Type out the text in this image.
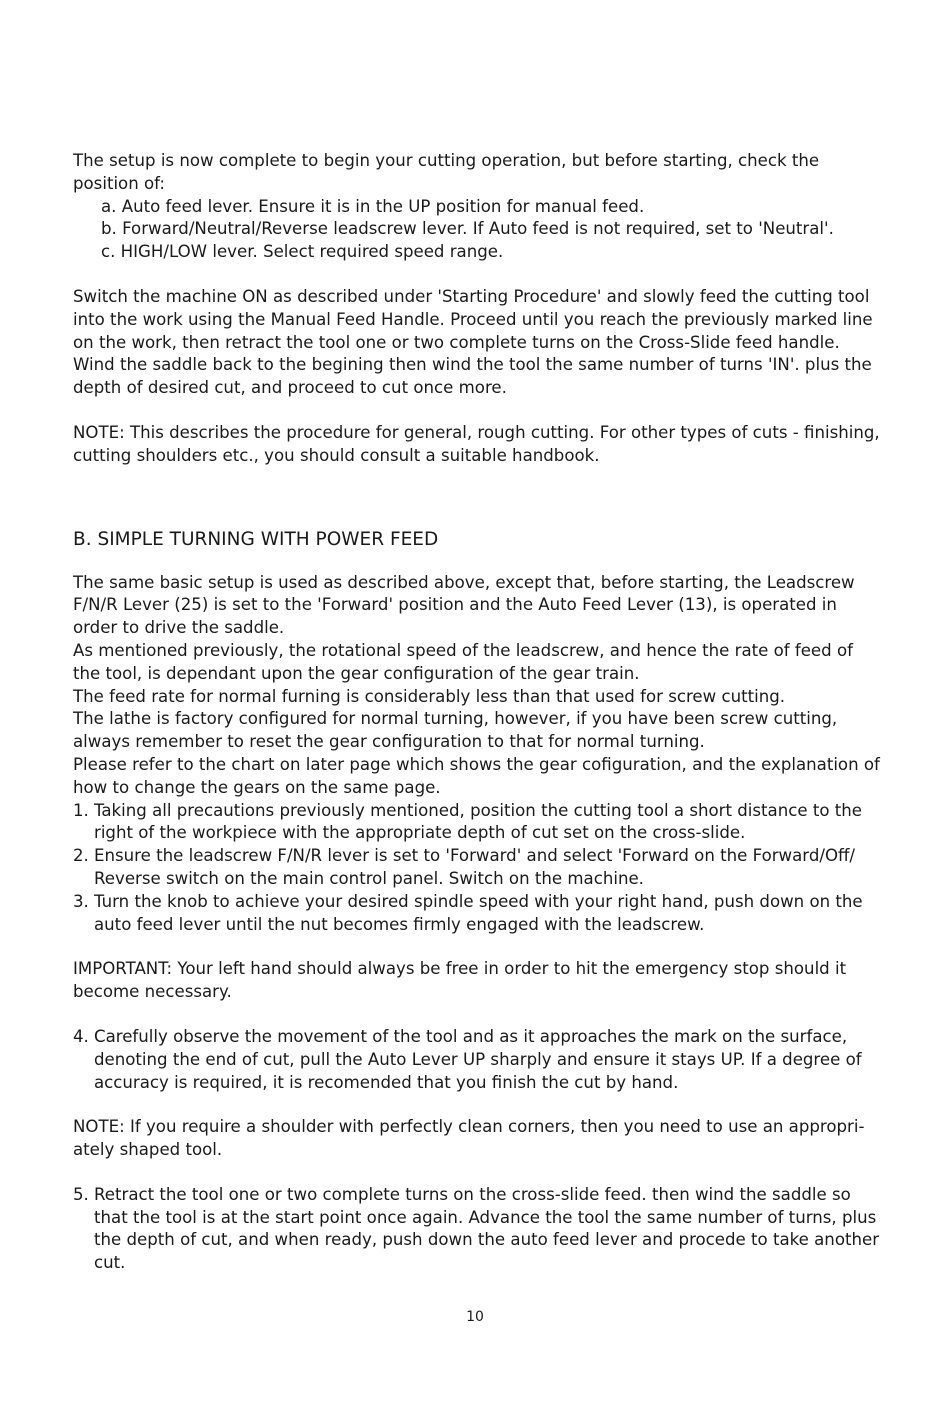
The setup is now complete to begin your cutting operation, but before starting, check the position of:

a. Auto feed lever. Ensure it is in the UP position for manual feed.

b. Forward/Neutral/Reverse leadscrew lever. If Auto feed is not required, set to 'Neutral'.

c. HIGH/LOW lever. Select required speed range.

Switch the machine ON as described under 'Starting Procedure' and slowly feed the cutting tool into the work using the Manual Feed Handle. Proceed until you reach the previously marked line on the work, then retract the tool one or two complete turns on the Cross-Slide feed handle. Wind the saddle back to the begining then wind the tool the same number of turns 'IN'. plus the depth of desired cut, and proceed to cut once more.

NOTE: This describes the procedure for general, rough cutting. For other types of cuts - finishing, cutting shoulders etc., you should consult a suitable handbook.

B. SIMPLE TURNING WITH POWER FEED

The same basic setup is used as described above, except that, before starting, the Leadscrew F/N/R Lever (25) is set to the 'Forward' position and the Auto Feed Lever (13), is operated in order to drive the saddle.

As mentioned previously, the rotational speed of the leadscrew, and hence the rate of feed of the tool, is dependant upon the gear configuration of the gear train.

The feed rate for normal furning is considerably less than that used for screw cutting.

The lathe is factory configured for normal turning, however, if you have been screw cutting, always remember to reset the gear configuration to that for normal turning.

Please refer to the chart on later page which shows the gear cofiguration, and the explanation of how to change the gears on the same page.

1. Taking all precautions previously mentioned, position the cutting tool a short distance to the right of the workpiece with the appropriate depth of cut set on the cross-slide.

2. Ensure the leadscrew F/N/R lever is set to 'Forward' and select 'Forward on the Forward/Off/ Reverse switch on the main control panel. Switch on the machine.

3. Turn the knob to achieve your desired spindle speed with your right hand, push down on the auto feed lever until the nut becomes firmly engaged with the leadscrew.

IMPORTANT: Your left hand should always be free in order to hit the emergency stop should it become necessary.

4. Carefully observe the movement of the tool and as it approaches the mark on the surface, denoting the end of cut, pull the Auto Lever UP sharply and ensure it stays UP. If a degree of accuracy is required, it is recomended that you finish the cut by hand.

NOTE: If you require a shoulder with perfectly clean corners, then you need to use an appropri-ately shaped tool.

5. Retract the tool one or two complete turns on the cross-slide feed. then wind the saddle so that the tool is at the start point once again. Advance the tool the same number of turns, plus the depth of cut, and when ready, push down the auto feed lever and procede to take another cut.

10
